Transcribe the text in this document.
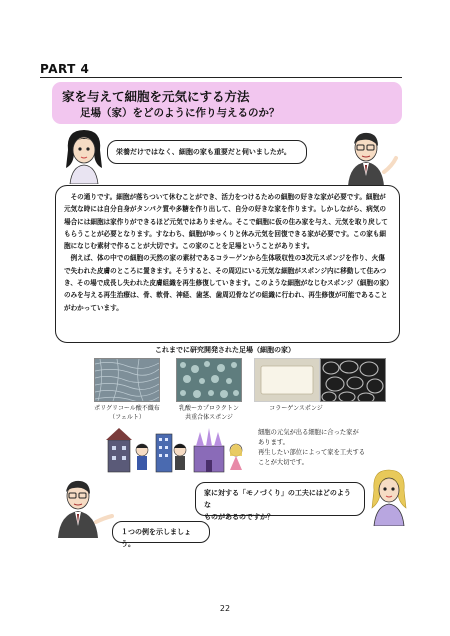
PART 4
家を与えて細胞を元気にする方法
足場（家）をどのように作り与えるのか？
栄養だけではなく、細胞の家も重要だと伺いましたが。

その通りです。細胞が落ちついて休むことができ、活力をつけるための細胞の好きな家が必要です。細胞が元気な時には自分自身がタンパク質や多糖を作り出して、自分の好きな家を作ります。しかしながら、病気の場合には細胞は家作りができるほど元気ではありません。そこで細胞に仮の住み家を与え、元気を取り戻してもらうことが必要となります。すなわち、細胞がゆっくりと休み元気を回復できる家が必要です。この家も細胞になじむ素材で作ることが大切です。この家のことを足場ということがあります。

例えば、体の中での細胞の天然の家の素材であるコラーゲンから生体吸収性の3次元スポンジを作り、火傷で失われた皮膚のところに置きます。そうすると、その周辺にいる元気な細胞がスポンジ内に移動して住みつき、その場で成長し失われた皮膚組織を再生修復していきます。このような細胞がなじむスポンジ（細胞の家）のみを与える再生治療は、骨、軟骨、神経、歯茎、歯周辺骨などの組織に行われ、再生修復が可能であることがわかっています。

これまでに研究開発された足場（細胞の家）
ポリグリコール酸不織布
（フェルト）
乳酸ーカプロラクトン
共重合体スポンジ
コラーゲンスポンジ
細胞の元気が出る細胞に合った家が
あります。
再生したい部位によって家を工夫する
ことが大切です。
家に対する「モノづくり」の工夫にはどのような
ものがあるのですか？
１つの例を示しましょう。
22
